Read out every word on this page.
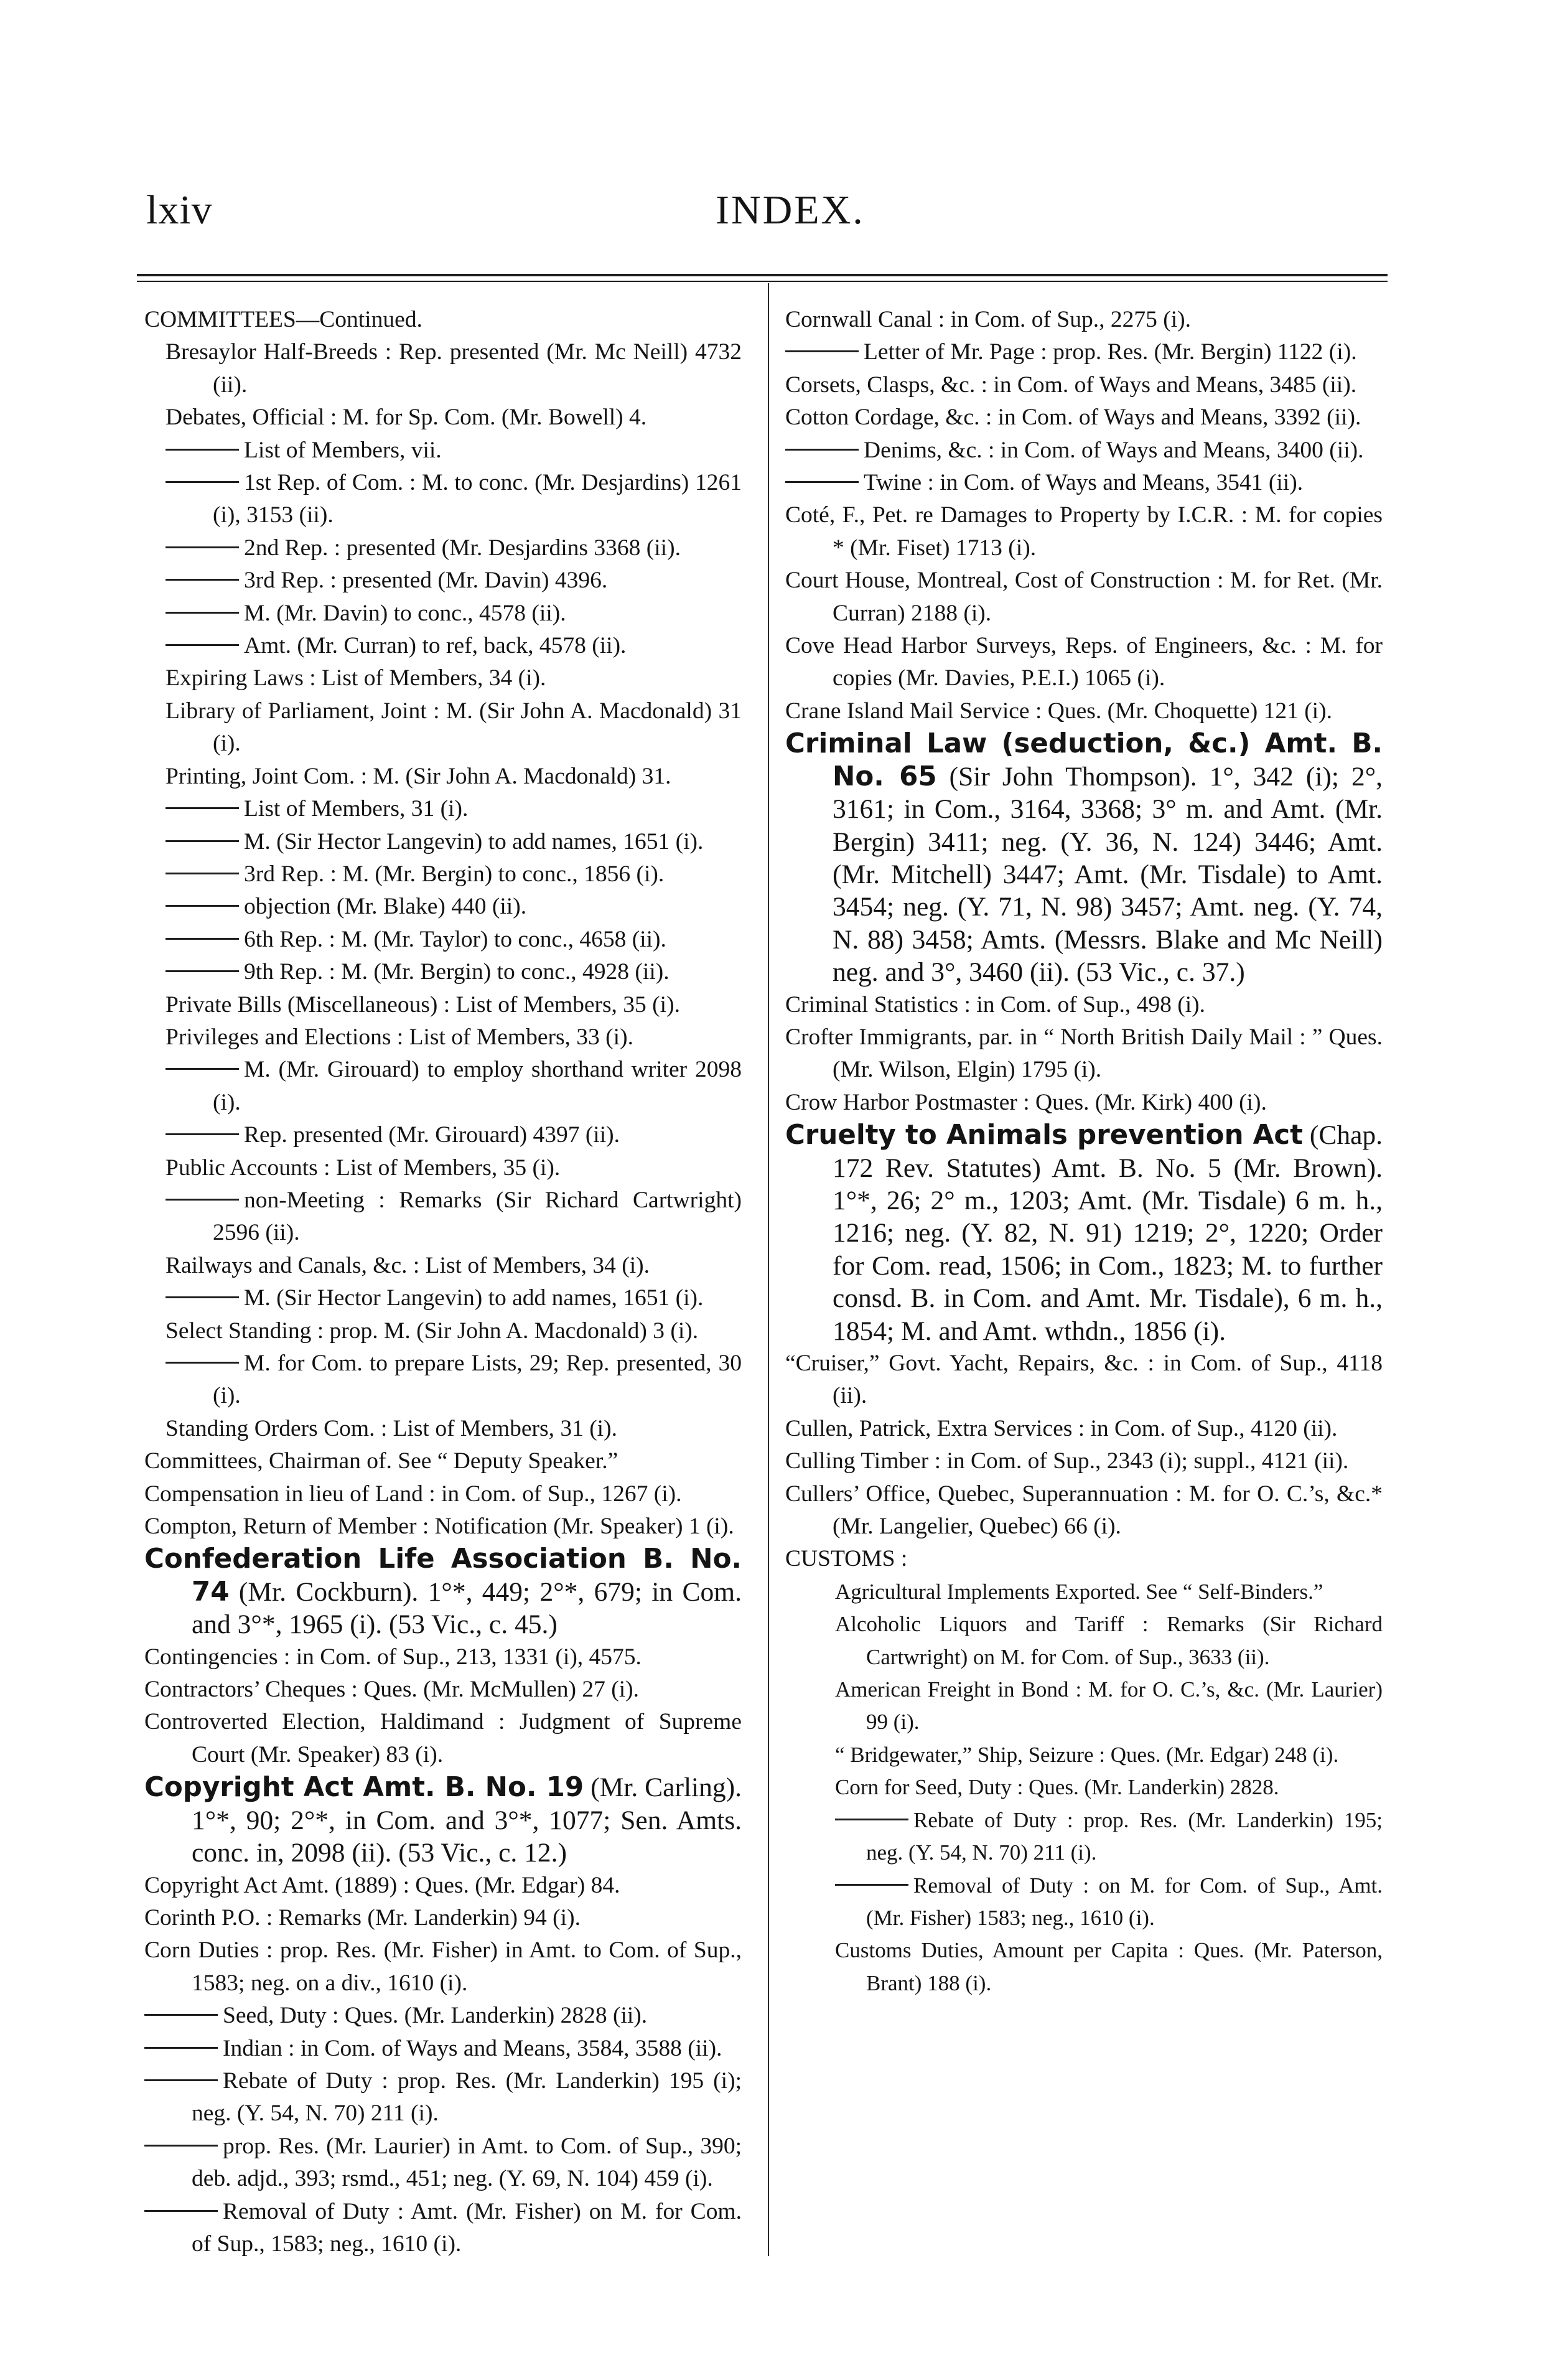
lxiv	INDEX.

COMMITTEES—Continued.

Bresaylor Half-Breeds : Rep. presented (Mr. Mc Neill) 4732 (ii).

Debates, Official : M. for Sp. Com. (Mr. Bowell) 4.

List of Members, vii.

1st Rep. of Com. : M. to conc. (Mr. Desjardins) 1261 (i), 3153 (ii).

2nd Rep. : presented (Mr. Desjardins 3368 (ii).

3rd Rep. : presented (Mr. Davin) 4396.

M. (Mr. Davin) to conc., 4578 (ii).

Amt. (Mr. Curran) to ref, back, 4578 (ii).

Expiring Laws : List of Members, 34 (i).

Library of Parliament, Joint : M. (Sir John A. Macdonald) 31 (i).

Printing, Joint Com. : M. (Sir John A. Macdonald) 31.

List of Members, 31 (i).

M. (Sir Hector Langevin) to add names, 1651 (i).

3rd Rep. : M. (Mr. Bergin) to conc., 1856 (i).

objection (Mr. Blake) 440 (ii).

6th Rep. : M. (Mr. Taylor) to conc., 4658 (ii).

9th Rep. : M. (Mr. Bergin) to conc., 4928 (ii).

Private Bills (Miscellaneous) : List of Members, 35 (i).

Privileges and Elections : List of Members, 33 (i).

M. (Mr. Girouard) to employ shorthand writer 2098 (i).

Rep. presented (Mr. Girouard) 4397 (ii).

Public Accounts : List of Members, 35 (i).

non-Meeting : Remarks (Sir Richard Cartwright) 2596 (ii).

Railways and Canals, &c. : List of Members, 34 (i).

M. (Sir Hector Langevin) to add names, 1651 (i).

Select Standing : prop. M. (Sir John A. Macdonald) 3 (i).

M. for Com. to prepare Lists, 29; Rep. presented, 30 (i).

Standing Orders Com. : List of Members, 31 (i).

Committees, Chairman of. See “ Deputy Speaker.”

Compensation in lieu of Land : in Com. of Sup., 1267 (i).

Compton, Return of Member : Notification (Mr. Speaker) 1 (i).

Confederation Life Association B. No. 74 (Mr. Cockburn). 1°*, 449; 2°*, 679; in Com. and 3°*, 1965 (i). (53 Vic., c. 45.)

Contingencies : in Com. of Sup., 213, 1331 (i), 4575.

Contractors’ Cheques : Ques. (Mr. McMullen) 27 (i).

Controverted Election, Haldimand : Judgment of Supreme Court (Mr. Speaker) 83 (i).

Copyright Act Amt. B. No. 19 (Mr. Carling). 1°*, 90; 2°*, in Com. and 3°*, 1077; Sen. Amts. conc. in, 2098 (ii). (53 Vic., c. 12.)

Copyright Act Amt. (1889) : Ques. (Mr. Edgar) 84.

Corinth P.O. : Remarks (Mr. Landerkin) 94 (i).

Corn Duties : prop. Res. (Mr. Fisher) in Amt. to Com. of Sup., 1583; neg. on a div., 1610 (i).

Seed, Duty : Ques. (Mr. Landerkin) 2828 (ii).

Indian : in Com. of Ways and Means, 3584, 3588 (ii).

Rebate of Duty : prop. Res. (Mr. Landerkin) 195 (i); neg. (Y. 54, N. 70) 211 (i).

prop. Res. (Mr. Laurier) in Amt. to Com. of Sup., 390; deb. adjd., 393; rsmd., 451; neg. (Y. 69, N. 104) 459 (i).

Removal of Duty : Amt. (Mr. Fisher) on M. for Com. of Sup., 1583; neg., 1610 (i).

Cornwall Canal : in Com. of Sup., 2275 (i).

Letter of Mr. Page : prop. Res. (Mr. Bergin) 1122 (i).

Corsets, Clasps, &c. : in Com. of Ways and Means, 3485 (ii).

Cotton Cordage, &c. : in Com. of Ways and Means, 3392 (ii).

Denims, &c. : in Com. of Ways and Means, 3400 (ii).

Twine : in Com. of Ways and Means, 3541 (ii).

Coté, F., Pet. re Damages to Property by I.C.R. : M. for copies * (Mr. Fiset) 1713 (i).

Court House, Montreal, Cost of Construction : M. for Ret. (Mr. Curran) 2188 (i).

Cove Head Harbor Surveys, Reps. of Engineers, &c. : M. for copies (Mr. Davies, P.E.I.) 1065 (i).

Crane Island Mail Service : Ques. (Mr. Choquette) 121 (i).

Criminal Law (seduction, &c.) Amt. B. No. 65 (Sir John Thompson). 1°, 342 (i); 2°, 3161; in Com., 3164, 3368; 3° m. and Amt. (Mr. Bergin) 3411; neg. (Y. 36, N. 124) 3446; Amt. (Mr. Mitchell) 3447; Amt. (Mr. Tisdale) to Amt. 3454; neg. (Y. 71, N. 98) 3457; Amt. neg. (Y. 74, N. 88) 3458; Amts. (Messrs. Blake and Mc Neill) neg. and 3°, 3460 (ii). (53 Vic., c. 37.)

Criminal Statistics : in Com. of Sup., 498 (i).

Crofter Immigrants, par. in “ North British Daily Mail : ” Ques. (Mr. Wilson, Elgin) 1795 (i).

Crow Harbor Postmaster : Ques. (Mr. Kirk) 400 (i).

Cruelty to Animals prevention Act (Chap. 172 Rev. Statutes) Amt. B. No. 5 (Mr. Brown). 1°*, 26; 2° m., 1203; Amt. (Mr. Tisdale) 6 m. h., 1216; neg. (Y. 82, N. 91) 1219; 2°, 1220; Order for Com. read, 1506; in Com., 1823; M. to further consd. B. in Com. and Amt. Mr. Tisdale), 6 m. h., 1854; M. and Amt. wthdn., 1856 (i).

“Cruiser,” Govt. Yacht, Repairs, &c. : in Com. of Sup., 4118 (ii).

Cullen, Patrick, Extra Services : in Com. of Sup., 4120 (ii).

Culling Timber : in Com. of Sup., 2343 (i); suppl., 4121 (ii).

Cullers’ Office, Quebec, Superannuation : M. for O. C.’s, &c.* (Mr. Langelier, Quebec) 66 (i).

CUSTOMS :

Agricultural Implements Exported. See “ Self-Binders.”

Alcoholic Liquors and Tariff : Remarks (Sir Richard Cartwright) on M. for Com. of Sup., 3633 (ii).

American Freight in Bond : M. for O. C.’s, &c. (Mr. Laurier) 99 (i).

“ Bridgewater,” Ship, Seizure : Ques. (Mr. Edgar) 248 (i).

Corn for Seed, Duty : Ques. (Mr. Landerkin) 2828.

Rebate of Duty : prop. Res. (Mr. Landerkin) 195; neg. (Y. 54, N. 70) 211 (i).

Removal of Duty : on M. for Com. of Sup., Amt. (Mr. Fisher) 1583; neg., 1610 (i).

Customs Duties, Amount per Capita : Ques. (Mr. Paterson, Brant) 188 (i).
